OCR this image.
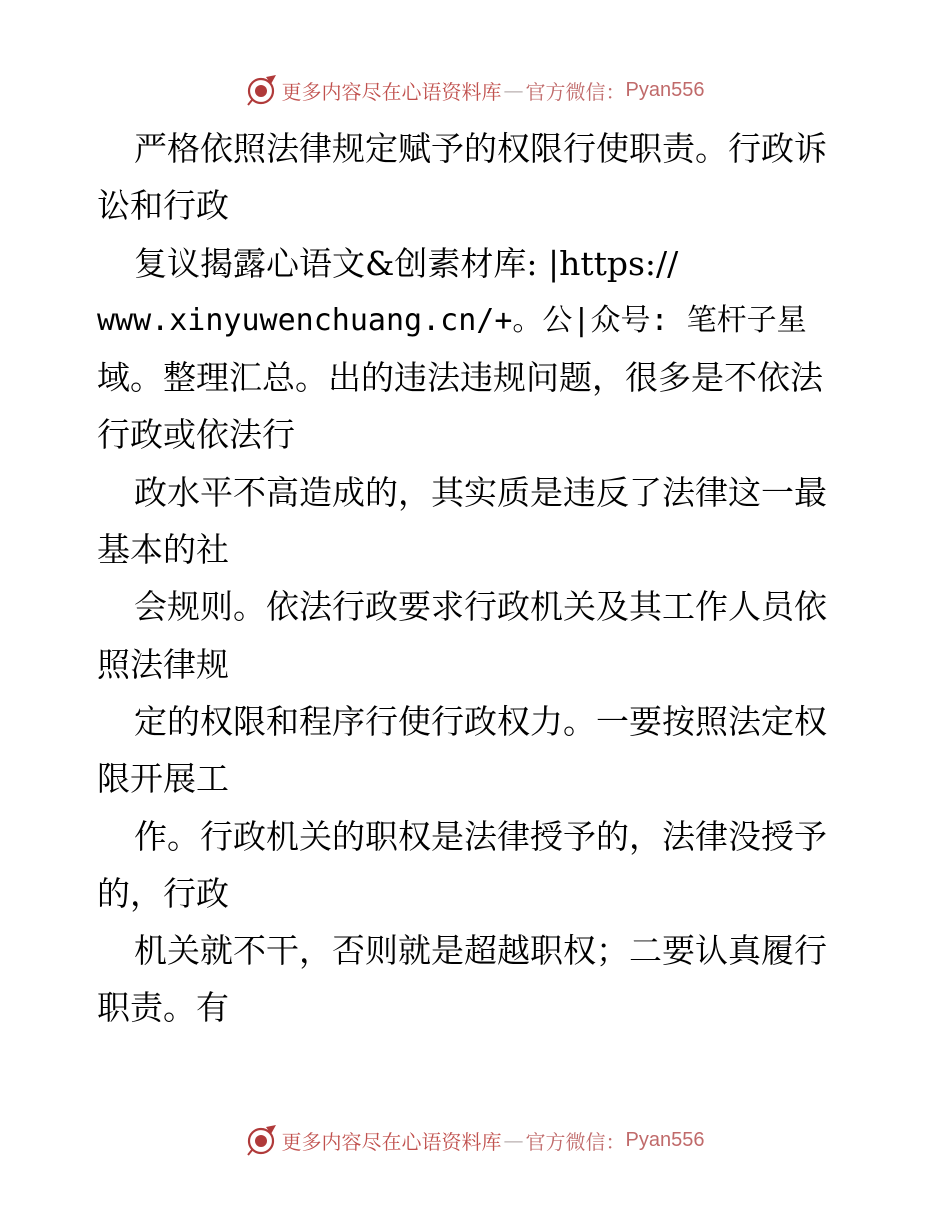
更多内容尽在心语资料库 — 官方微信： Pyan556
严格依照法律规定赋予的权限行使职责。行政诉
讼和行政
复议揭露心语文&创素材库: |https://
www.xinyuwenchuang.cn/+。公|众号: 笔杆子星
域。整理汇总。出的违法违规问题，很多是不依法
行政或依法行
政水平不高造成的，其实质是违反了法律这一最
基本的社
会规则。依法行政要求行政机关及其工作人员依
照法律规
定的权限和程序行使行政权力。一要按照法定权
限开展工
作。行政机关的职权是法律授予的，法律没授予
的，行政
机关就不干，否则就是超越职权；二要认真履行
职责。有
更多内容尽在心语资料库 — 官方微信： Pyan556
